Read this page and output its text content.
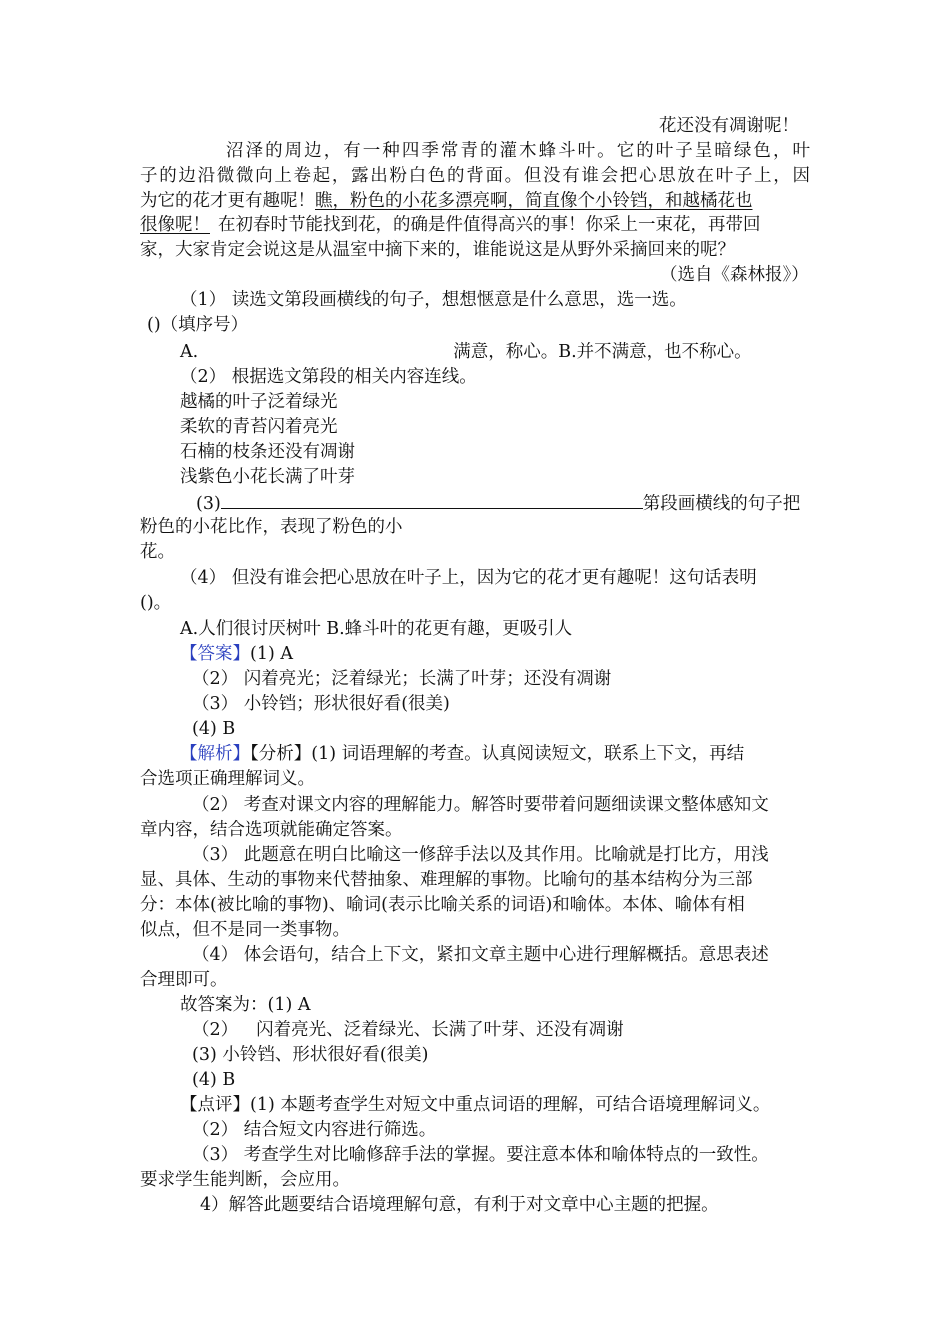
花还没有凋谢呢！
沼泽的周边，有一种四季常青的灌木蜂斗叶。它的叶子呈暗绿色，叶
子的边沿微微向上卷起，露出粉白色的背面。但没有谁会把心思放在叶子上，因
为它的花才更有趣呢！瞧，粉色的小花多漂亮啊，简直像个小铃铛，和越橘花也
很像呢！ 在初春时节能找到花，的确是件值得高兴的事！你采上一束花，再带回
家，大家肯定会说这是从温室中摘下来的，谁能说这是从野外采摘回来的呢？
（选自《森林报》）
（1） 读选文第段画横线的句子，想想惬意是什么意思，选一选。
()（填序号）
A.	满意，称心。B.并不满意，也不称心。
（2） 根据选文第段的相关内容连线。
越橘的叶子泛着绿光
柔软的青苔闪着亮光
石楠的枝条还没有凋谢
浅紫色小花长满了叶芽
(3)	第段画横线的句子把
粉色的小花比作，表现了粉色的小
花。
（4） 但没有谁会把心思放在叶子上，因为它的花才更有趣呢！这句话表明
()。
A.人们很讨厌树叶 B.蜂斗叶的花更有趣，更吸引人
【答案】(1) A
（2） 闪着亮光；泛着绿光；长满了叶芽；还没有凋谢
（3） 小铃铛；形状很好看(很美)
(4) B
【解析】【分析】(1) 词语理解的考查。认真阅读短文，联系上下文，再结
合选项正确理解词义。
（2） 考查对课文内容的理解能力。解答时要带着问题细读课文整体感知文
章内容，结合选项就能确定答案。
（3） 此题意在明白比喻这一修辞手法以及其作用。比喻就是打比方，用浅
显、具体、生动的事物来代替抽象、难理解的事物。比喻句的基本结构分为三部
分：本体(被比喻的事物)、喻词(表示比喻关系的词语)和喻体。本体、喻体有相
似点，但不是同一类事物。
（4） 体会语句，结合上下文，紧扣文章主题中心进行理解概括。意思表述
合理即可。
故答案为：(1) A
（2） 闪着亮光、泛着绿光、长满了叶芽、还没有凋谢
(3) 小铃铛、形状很好看(很美)
(4) B
【点评】(1) 本题考查学生对短文中重点词语的理解，可结合语境理解词义。
（2） 结合短文内容进行筛选。
（3） 考查学生对比喻修辞手法的掌握。要注意本体和喻体特点的一致性。
要求学生能判断，会应用。
4）解答此题要结合语境理解句意，有利于对文章中心主题的把握。
